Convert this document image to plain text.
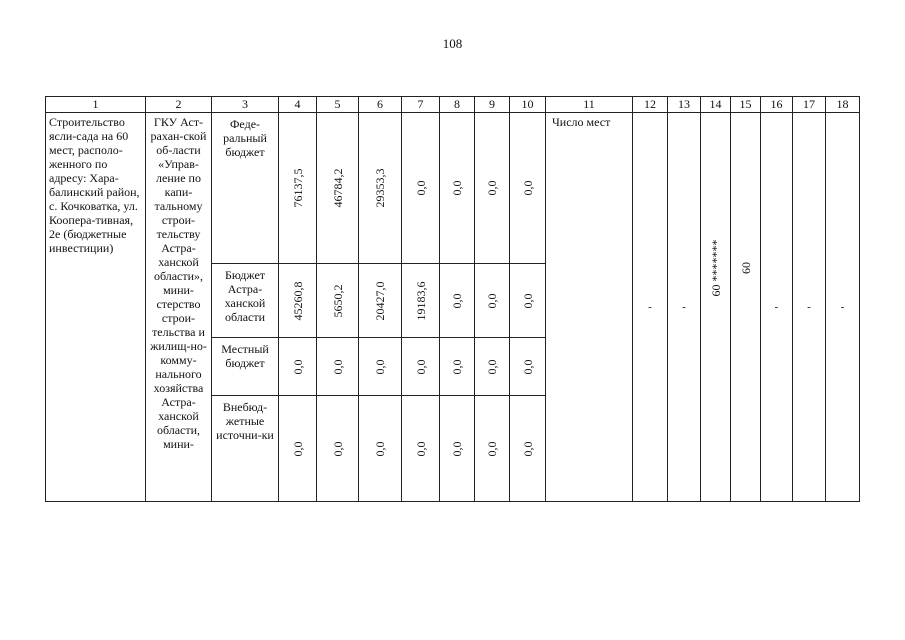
108
1	2	3	4	5	6	7	8	9	10	11	12	13	14	15	16	17	18
Строительство ясли-сада на 60 мест, располо-женного по адресу: Хара-балинский район, с. Кочковатка, ул. Коопера-тивная, 2е (бюджетные инвестиции)	ГКУ Аст-рахан-ской об-ласти «Управ-ление по капи-тальному строи-тельству Астра-ханской области», мини-стерство строи-тельства и жилищ-но-комму-нального хозяйства Астра-ханской области, мини-	Феде-ральный бюджет	76137,5	46784,2	29353,3	0,0	0,0	0,0	0,0	Число мест	-	-	60 *******	60	-	-	-

		Бюджет Астра-ханской области	45260,8	5650,2	20427,0	19183,6	0,0	0,0	0,0								

		Местный бюджет	0,0	0,0	0,0	0,0	0,0	0,0	0,0								

		Внебюд-жетные источни-ки	0,0	0,0	0,0	0,0	0,0	0,0	0,0								
